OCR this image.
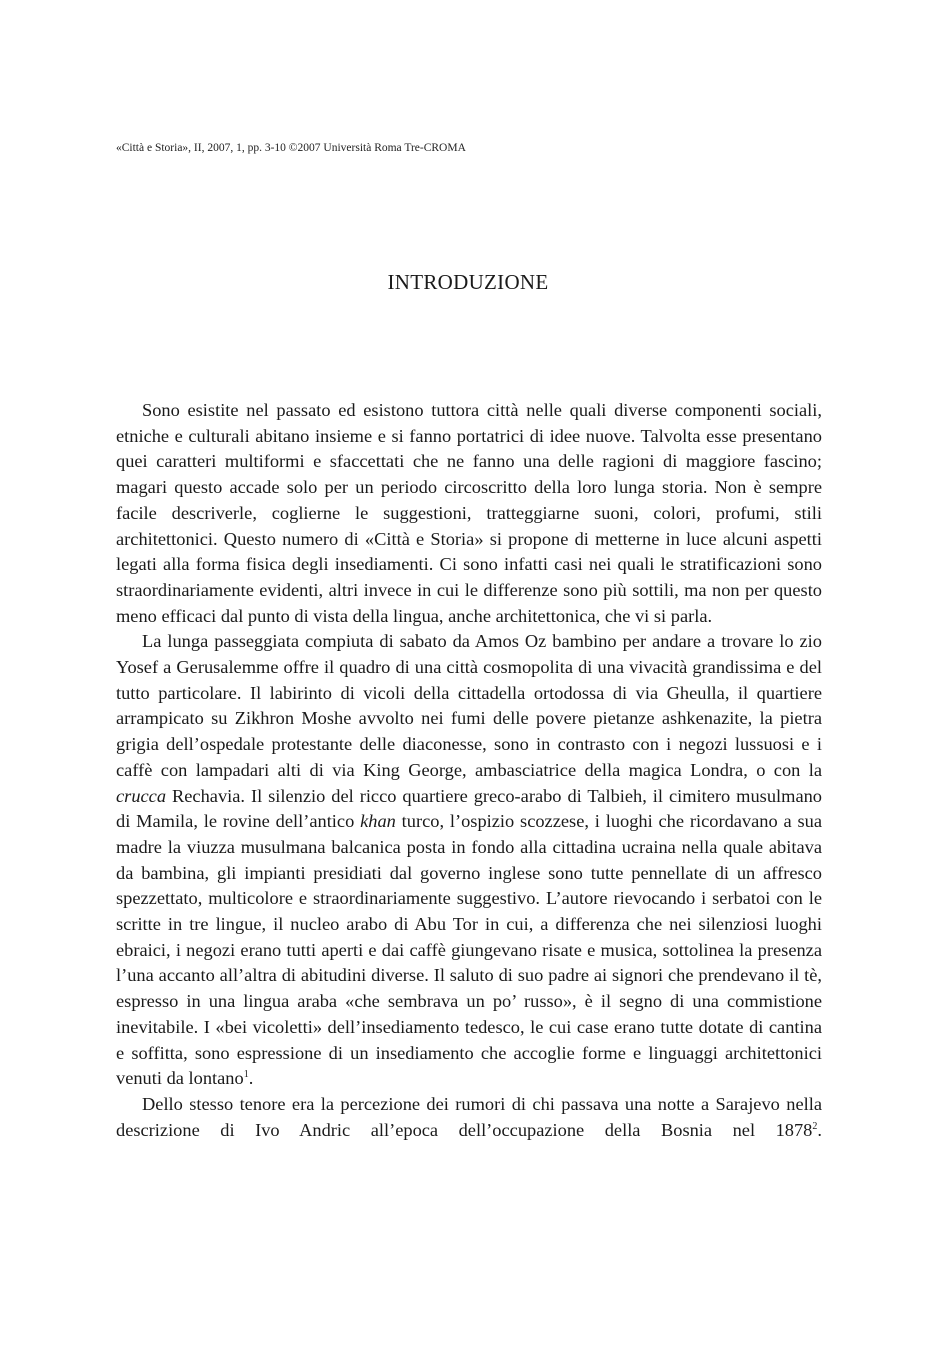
«Città e Storia», II, 2007, 1, pp. 3-10 ©2007 Università Roma Tre-CROMA
INTRODUZIONE

Sono esistite nel passato ed esistono tuttora città nelle quali diverse componenti sociali, etniche e culturali abitano insieme e si fanno portatrici di idee nuove. Talvolta esse presentano quei caratteri multiformi e sfaccettati che ne fanno una delle ragioni di maggiore fascino; magari questo accade solo per un periodo circoscritto della loro lunga storia. Non è sempre facile descriverle, coglierne le suggestioni, tratteggiarne suoni, colori, profumi, stili architettonici. Questo numero di «Città e Storia» si propone di metterne in luce alcuni aspetti legati alla forma fisica degli insediamenti. Ci sono infatti casi nei quali le stratificazioni sono straordinariamente evidenti, altri invece in cui le differenze sono più sottili, ma non per questo meno efficaci dal punto di vista della lingua, anche architettonica, che vi si parla.

La lunga passeggiata compiuta di sabato da Amos Oz bambino per andare a trovare lo zio Yosef a Gerusalemme offre il quadro di una città cosmopolita di una vivacità grandissima e del tutto particolare. Il labirinto di vicoli della cittadella ortodossa di via Gheulla, il quartiere arrampicato su Zikhron Moshe avvolto nei fumi delle povere pietanze ashkenazite, la pietra grigia dell’ospedale protestante delle diaconesse, sono in contrasto con i negozi lussuosi e i caffè con lampadari alti di via King George, ambasciatrice della magica Londra, o con la crucca Rechavia. Il silenzio del ricco quartiere greco-arabo di Talbieh, il cimitero musulmano di Mamila, le rovine dell’antico khan turco, l’ospizio scozzese, i luoghi che ricordavano a sua madre la viuzza musulmana balcanica posta in fondo alla cittadina ucraina nella quale abitava da bambina, gli impianti presidiati dal governo inglese sono tutte pennellate di un affresco spezzettato, multicolore e straordinariamente suggestivo. L’autore rievocando i serbatoi con le scritte in tre lingue, il nucleo arabo di Abu Tor in cui, a differenza che nei silenziosi luoghi ebraici, i negozi erano tutti aperti e dai caffè giungevano risate e musica, sottolinea la presenza l’una accanto all’altra di abitudini diverse. Il saluto di suo padre ai signori che prendevano il tè, espresso in una lingua araba «che sembrava un po’ russo», è il segno di una commistione inevitabile. I «bei vicoletti» dell’insediamento tedesco, le cui case erano tutte dotate di cantina e soffitta, sono espressione di un insediamento che accoglie forme e linguaggi architettonici venuti da lontano$^1$.

Dello stesso tenore era la percezione dei rumori di chi passava una notte a Sarajevo nella descrizione di Ivo Andric all’epoca dell’occupazione della Bosnia nel 1878$^2$.
